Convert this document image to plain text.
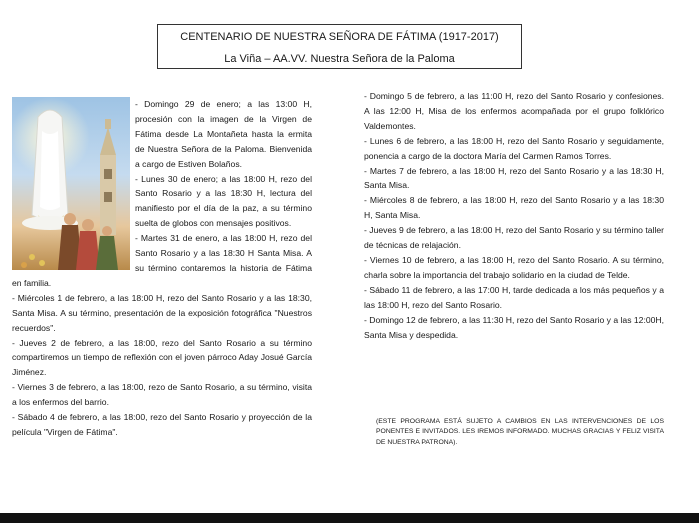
CENTENARIO DE NUESTRA SEÑORA DE FÁTIMA (1917-2017)
La Viña – AA.VV. Nuestra Señora de la Paloma

- Domingo 29 de enero; a las 13:00 H, procesión con la imagen de la Virgen de Fátima desde La Montañeta hasta la ermita de Nuestra Señora de la Paloma. Bienvenida a cargo de Estiven Bolaños.

- Lunes 30 de enero; a las 18:00 H, rezo del Santo Rosario y a las 18:30 H, lectura del manifiesto por el día de la paz, a su término suelta de globos con mensajes positivos.

- Martes 31 de enero, a las 18:00 H, rezo del Santo Rosario y a las 18:30 H Santa Misa. A su término contaremos la historia de Fátima en familia.

- Miércoles 1 de febrero, a las 18:00 H, rezo del Santo Rosario y a las 18:30, Santa Misa. A su término, presentación de la exposición fotográfica "Nuestros recuerdos".

- Jueves 2 de febrero, a las 18:00, rezo del Santo Rosario a su término compartiremos un tiempo de reflexión con el joven párroco Aday Josué García Jiménez.

- Viernes 3 de febrero, a las 18:00, rezo de Santo Rosario, a su término, visita a los enfermos del barrio.

- Sábado 4 de febrero, a las 18:00, rezo del Santo Rosario y proyección de la película "Virgen de Fátima".

- Domingo 5 de febrero, a las 11:00 H, rezo del Santo Rosario y confesiones. A las 12:00 H, Misa de los enfermos acompañada por el grupo folklórico Valdemontes.

- Lunes 6 de febrero, a las 18:00 H, rezo del Santo Rosario y seguidamente, ponencia a cargo de la doctora María del Carmen Ramos Torres.

- Martes 7 de febrero, a las 18:00 H, rezo del Santo Rosario y a las 18:30 H, Santa Misa.

- Miércoles 8 de febrero, a las 18:00 H, rezo del Santo Rosario y a las 18:30 H, Santa Misa.

- Jueves 9 de febrero, a las 18:00 H, rezo del Santo Rosario y su término taller de técnicas de relajación.

- Viernes 10 de febrero, a las 18:00 H, rezo del Santo Rosario. A su término, charla sobre la importancia del trabajo solidario en la ciudad de Telde.

- Sábado 11 de febrero, a las 17:00 H, tarde dedicada a los más pequeños y a las 18:00 H, rezo del Santo Rosario.

- Domingo 12 de febrero, a las 11:30 H, rezo del Santo Rosario y a las 12:00H, Santa Misa y despedida.

(ESTE PROGRAMA ESTÁ SUJETO A CAMBIOS EN LAS INTERVENCIONES DE LOS PONENTES E INVITADOS. LES IREMOS INFORMADO. MUCHAS GRACIAS Y FELIZ VISITA DE NUESTRA PATRONA).
